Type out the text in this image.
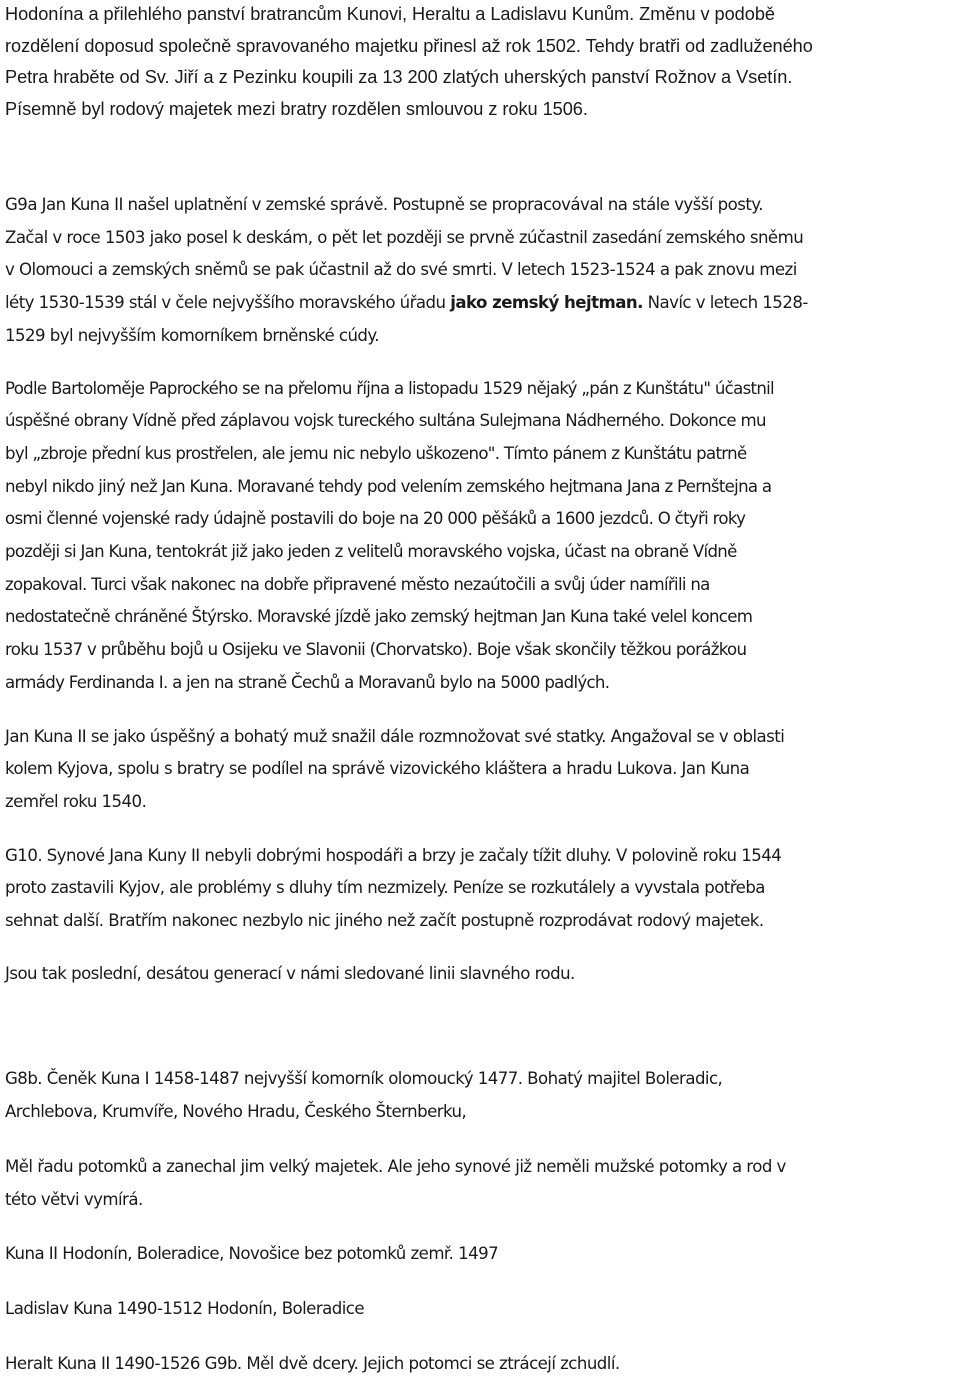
Hodonína a přilehlého panství bratrancům Kunovi, Heraltu a Ladislavu Kunům. Změnu v podobě
rozdělení doposud společně spravovaného majetku přinesl až rok 1502. Tehdy bratři od zadluženého
Petra hraběte od Sv. Jiří a z Pezinku koupili za 13 200 zlatých uherských panství Rožnov a Vsetín.
Písemně byl rodový majetek mezi bratry rozdělen smlouvou z roku 1506.

G9a Jan Kuna II našel uplatnění v zemské správě. Postupně se propracovával na stále vyšší posty.
Začal v roce 1503 jako posel k deskám, o pět let později se prvně zúčastnil zasedání zemského sněmu
v Olomouci a zemských sněmů se pak účastnil až do své smrti. V letech 1523-1524 a pak znovu mezi
léty 1530-1539 stál v čele nejvyššího moravského úřadu jako zemský hejtman. Navíc v letech 1528-
1529 byl nejvyšším komorníkem brněnské cúdy.

Podle Bartoloměje Paprockého se na přelomu října a listopadu 1529 nějaký „pán z Kunštátu" účastnil
úspěšné obrany Vídně před záplavou vojsk tureckého sultána Sulejmana Nádherného. Dokonce mu
byl „zbroje přední kus prostřelen, ale jemu nic nebylo uškozeno". Tímto pánem z Kunštátu patrně
nebyl nikdo jiný než Jan Kuna. Moravané tehdy pod velením zemského hejtmana Jana z Pernštejna a
osmi členné vojenské rady údajně postavili do boje na 20 000 pěšáků a 1600 jezdců. O čtyři roky
později si Jan Kuna, tentokrát již jako jeden z velitelů moravského vojska, účast na obraně Vídně
zopakoval. Turci však nakonec na dobře připravené město nezaútočili a svůj úder namířili na
nedostatečně chráněné Štýrsko. Moravské jízdě jako zemský hejtman Jan Kuna také velel koncem
roku 1537 v průběhu bojů u Osijeku ve Slavonii (Chorvatsko). Boje však skončily těžkou porážkou
armády Ferdinanda I. a jen na straně Čechů a Moravanů bylo na 5000 padlých.

Jan Kuna II se jako úspěšný a bohatý muž snažil dále rozmnožovat své statky. Angažoval se v oblasti
kolem Kyjova, spolu s bratry se podílel na správě vizovického kláštera a hradu Lukova. Jan Kuna
zemřel roku 1540.

G10. Synové Jana Kuny II nebyli dobrými hospodáři a brzy je začaly tížit dluhy. V polovině roku 1544
proto zastavili Kyjov, ale problémy s dluhy tím nezmizely. Peníze se rozkutálely a vyvstala potřeba
sehnat další. Bratřím nakonec nezbylo nic jiného než začít postupně rozprodávat rodový majetek.

Jsou tak poslední, desátou generací v námi sledované linii slavného rodu.

G8b. Čeněk Kuna I 1458-1487 nejvyšší komorník olomoucký 1477. Bohatý majitel Boleradic,
Archlebova, Krumvíře, Nového Hradu, Českého Šternberku,

Měl řadu potomků a zanechal jim velký majetek. Ale jeho synové již neměli mužské potomky a rod v
této větvi vymírá.

Kuna II Hodonín, Boleradice, Novošice bez potomků zemř. 1497

Ladislav Kuna 1490-1512 Hodonín, Boleradice

Heralt Kuna II 1490-1526 G9b. Měl dvě dcery. Jejich potomci se ztrácejí zchudlí.
